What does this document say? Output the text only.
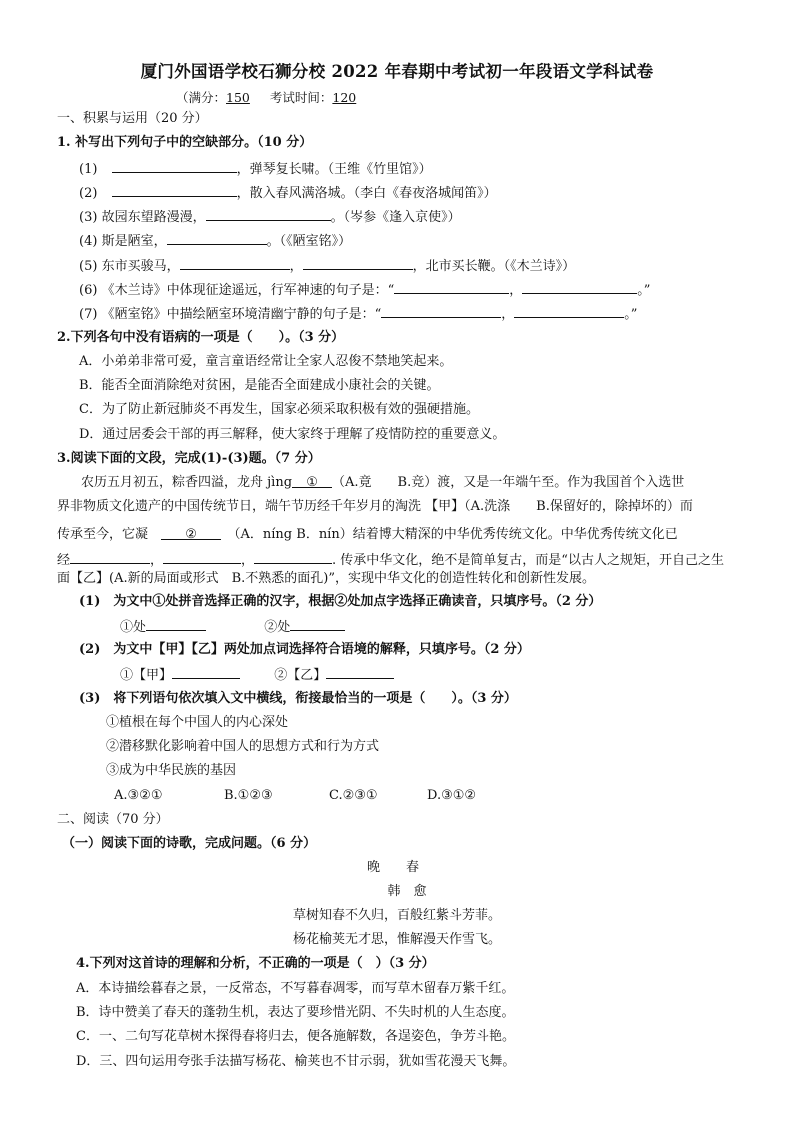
厦门外国语学校石狮分校 2022 年春期中考试初一年段语文学科试卷
（满分：150 考试时间：120
一、积累与运用（20 分）
1. 补写出下列句子中的空缺部分。（10 分）
(1)	，弹琴复长啸。（王维《竹里馆》）
(2)	，散入春风满洛城。（李白《春夜洛城闻笛》）
(3) 故园东望路漫漫，	。（岑参《逢入京使》）
(4) 斯是陋室，	。（《陋室铭》）
(5) 东市买骏马，	，	，北市买长鞭。（《木兰诗》）
(6) 《木兰诗》中体现征途遥远，行军神速的句子是：“	，	。”
(7) 《陋室铭》中描绘陋室环境清幽宁静的句子是：“	，	。”
2.下列各句中没有语病的一项是（　　）。（3 分）
A．小弟弟非常可爱，童言童语经常让全家人忍俊不禁地笑起来。
B．能否全面消除绝对贫困，是能否全面建成小康社会的关键。
C．为了防止新冠肺炎不再发生，国家必须采取积极有效的强硬措施。
D．通过居委会干部的再三解释，使大家终于理解了疫情防控的重要意义。
3.阅读下面的文段，完成(1)-(3)题。（7 分）
农历五月初五，粽香四溢，龙舟 jìng ① （A.竟　　B.竞）渡，又是一年端午至。作为我国首个入选世
界非物质文化遗产的中国传统节日，端午节历经千年岁月的淘洗 【甲】（A.洗涤　　B.保留好的，除掉坏的）而
传承至今，它凝　②　（A．níng B．nín）结着博大精深的中华优秀传统文化。中华优秀传统文化已
经	，	，	. 传承中华文化，绝不是简单复古，而是“以古人之规矩，开自己之生
面【乙】(A.新的局面或形式　B.不熟悉的面孔)”，实现中华文化的创造性转化和创新性发展。
(1)　为文中①处拼音选择正确的汉字，根据②处加点字选择正确读音，只填序号。（2 分）
①处	②处
(2)　为文中【甲】【乙】两处加点词选择符合语境的解释，只填序号。（2 分）
①【甲】	②【乙】
(3)　将下列语句依次填入文中横线，衔接最恰当的一项是（　　）。（3 分）
①植根在每个中国人的内心深处
②潜移默化影响着中国人的思想方式和行为方式
③成为中华民族的基因
A.③②①	B.①②③	C.②③①	D.③①②
二、阅读（70 分）
（一）阅读下面的诗歌，完成问题。（6 分）
晚　　春
韩　愈
草树知春不久归，百般红紫斗芳菲。
杨花榆荚无才思，惟解漫天作雪飞。
4.下列对这首诗的理解和分析，不正确的一项是（　）（3 分）
A．本诗描绘暮春之景，一反常态，不写暮春凋零，而写草木留春万紫千红。
B．诗中赞美了春天的蓬勃生机，表达了要珍惜光阴、不失时机的人生态度。
C．一、二句写花草树木探得春将归去，便各施解数，各逞姿色，争芳斗艳。
D．三、四句运用夸张手法描写杨花、榆荚也不甘示弱，犹如雪花漫天飞舞。
